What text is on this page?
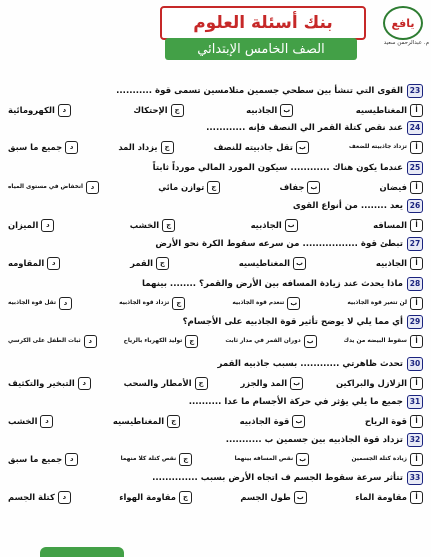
يافع
م. عبدالرحمن سعيد
بنك أسئلة العلوم
الصف الخامس الإبتدائي
23
القوى التي تنشأ بين سطحي جسمين متلامسين تسمى قوة ...........
أ
المغناطيسيه
ب
الجاذبيه
ج
الإحتكاك
د
الكهرومائية
24
عند نقص كتلة القمر الي النصف فإنه ............
أ
تزداد جاذبيته للضعف
ب
تقل جاذبيته للنصف
ج
يزداد المد
د
جميع ما سبق
25
عندما يكون هناك ............ سيكون المورد المالي مورداً ثابتاً
أ
فيضان
ب
جفاف
ج
توازن مائي
د
انخفاض في مستوى المياه
26
يعد ........ من أنواع القوى
أ
المسافه
ب
الجاذبيه
ج
الخشب
د
الميزان
27
تبطئ قوة ................. من سرعه سقوط الكرة نحو الأرض
أ
الجاذبيه
ب
المغناطيسيه
ج
القمر
د
المقاومه
28
ماذا يحدث عند زيادة المسافه بين الأرض والقمر؟ ........ بينهما
أ
لن تتغير قوة الجاذبيه
ب
تنعدم قوة الجاذبيه
ج
تزداد قوة الجاذبيه
د
تقل قوة الجاذبيه
29
أي مما يلي لا يوضح تأثير قوة الجاذبيه على الأجسام؟
أ
سقوط البيضه من يدك
ب
دوران القمر في مدار ثابت
ج
توليد الكهرباء بالرياح
د
ثبات الطفل على الكرسي
30
تحدث ظاهرتي ............ بسبب جاذبيه القمر
أ
الزلازل والبراكين
ب
المد والجزر
ج
الأمطار والسحب
د
التبخير والتكثيف
31
جميع ما يلي يؤثر في حركة الأجسام ما عدا ..........
أ
قوة الرياح
ب
قوة الجاذبيه
ج
المغناطيسيه
د
الخشب
32
تزداد قوة الجاذبيه بين جسمين ب ...........
أ
زيادة كتلة الجسمين
ب
نقص المسافه بينهما
ج
نقص كتلة كلا منهما
د
جميع ما سبق
33
تتأثر سرعة سقوط الجسم ف اتجاه الأرض بسبب ..............
أ
مقاومة الماء
ب
طول الجسم
ج
مقاومة الهواء
د
كتلة الجسم
